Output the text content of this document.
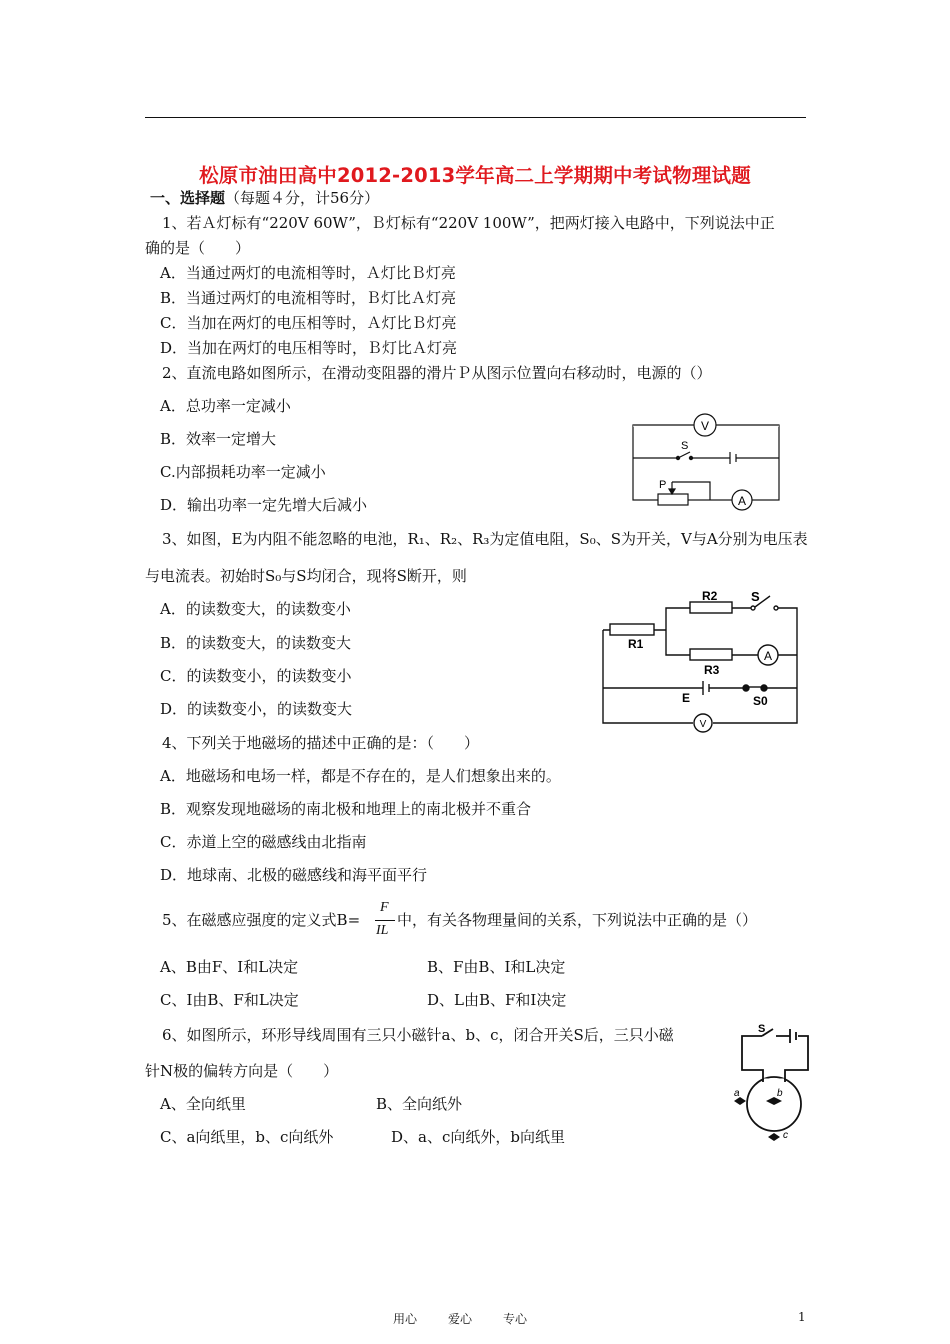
松原市油田高中2012-2013学年高二上学期期中考试物理试题
一、选择题（每题４分，计56分）
1、若Ａ灯标有“220V 60W”，Ｂ灯标有“220V 100W”，把两灯接入电路中，下列说法中正
确的是（　　）
A．当通过两灯的电流相等时，Ａ灯比Ｂ灯亮
B．当通过两灯的电流相等时，Ｂ灯比Ａ灯亮
C．当加在两灯的电压相等时，Ａ灯比Ｂ灯亮
D．当加在两灯的电压相等时，Ｂ灯比Ａ灯亮
2、直流电路如图所示，在滑动变阻器的滑片Ｐ从图示位置向右移动时，电源的（）
A．总功率一定减小
B．效率一定增大
C.内部损耗功率一定减小
D．输出功率一定先增大后减小
V
S
P
A
3、如图，E为内阻不能忽略的电池，R₁、R₂、R₃为定值电阻，S₀、S为开关，V与A分别为电压表
与电流表。初始时S₀与S均闭合，现将S断开，则
A．的读数变大，的读数变小
B．的读数变大，的读数变大
C．的读数变小，的读数变小
D．的读数变小，的读数变大
R2	S
R1
R3
A
E	S0
V
4、下列关于地磁场的描述中正确的是：（　　）
A．地磁场和电场一样，都是不存在的，是人们想象出来的。
B．观察发现地磁场的南北极和地理上的南北极并不重合
C．赤道上空的磁感线由北指南
D．地球南、北极的磁感线和海平面平行
5、在磁感应强度的定义式B=
F
IL
中，有关各物理量间的关系，下列说法中正确的是（）
A、B由F、I和L决定	B、F由B、I和L决定
C、I由B、F和L决定	D、L由B、F和I决定
6、如图所示，环形导线周围有三只小磁针a、b、c，闭合开关S后，三只小磁
针N极的偏转方向是（　　）
A、全向纸里	B、全向纸外
C、a向纸里，b、c向纸外	D、a、c向纸外，b向纸里
S
a	b
c
用心	爱心	专心	1
